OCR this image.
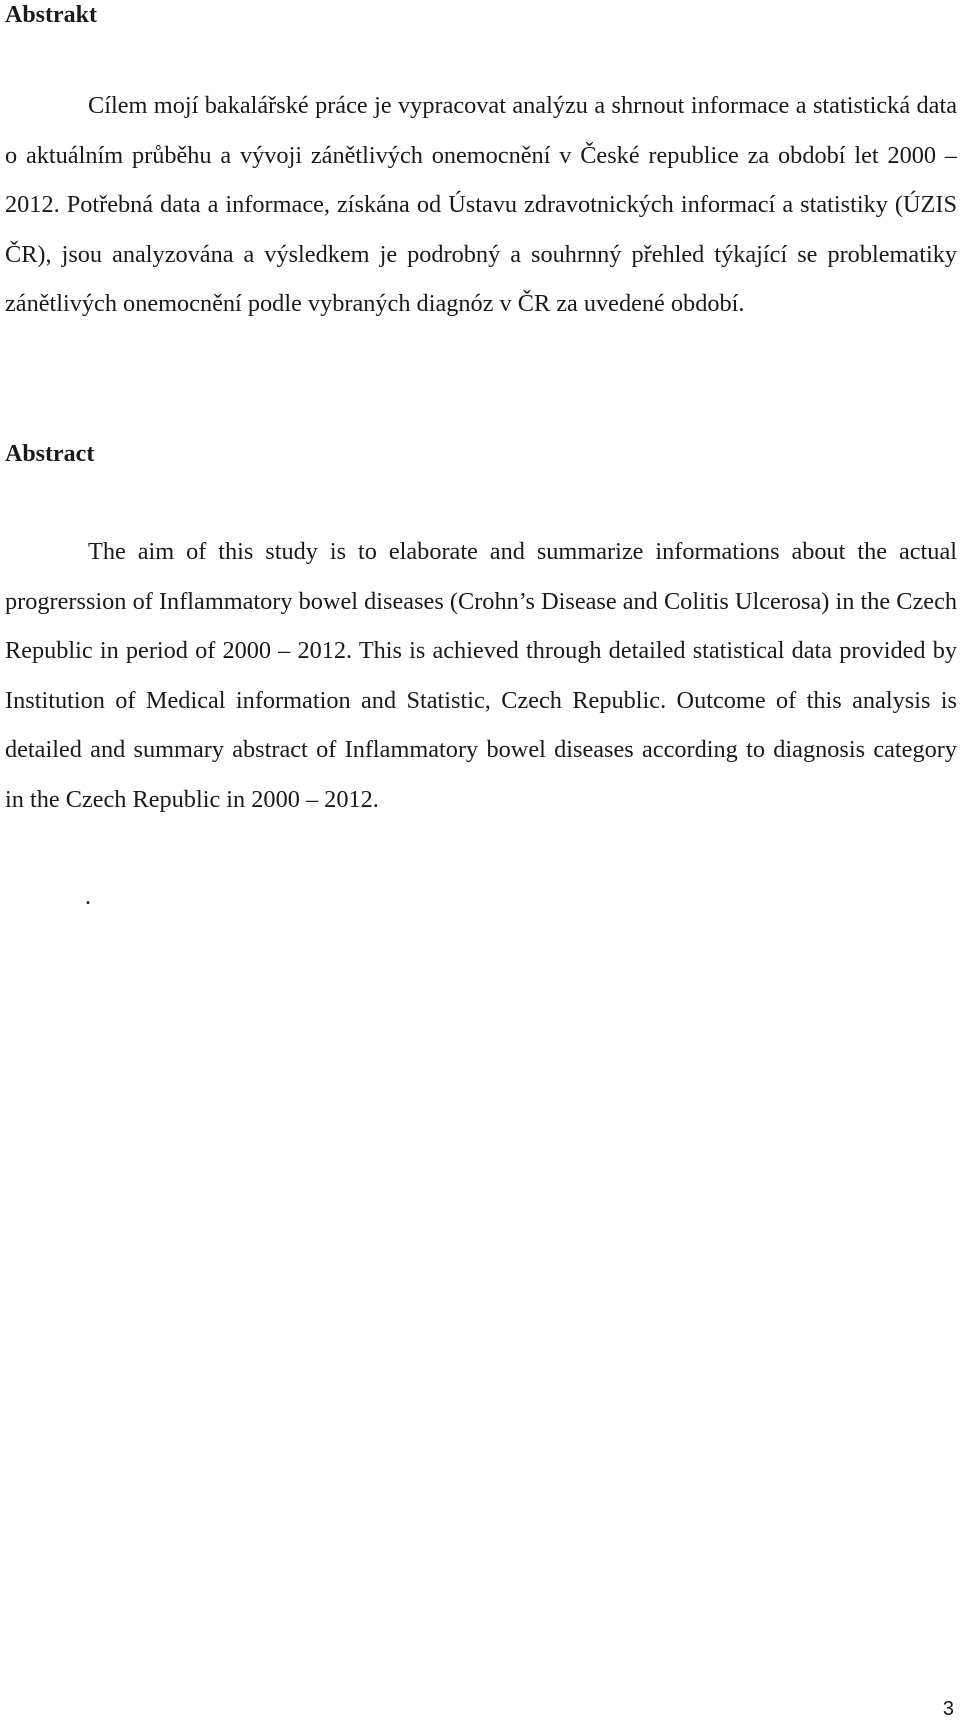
Abstrakt

Cílem mojí bakalářské práce je vypracovat analýzu a shrnout informace a statistická data o aktuálním průběhu a vývoji zánětlivých onemocnění v České republice za období let 2000 – 2012. Potřebná data a informace, získána od Ústavu zdravotnických informací a statistiky (ÚZIS ČR), jsou analyzována a výsledkem je podrobný a souhrnný přehled týkající se problematiky zánětlivých onemocnění podle vybraných diagnóz v ČR za uvedené období.

Abstract

The aim of this study is to elaborate and summarize informations about the actual progrerssion of Inflammatory bowel diseases (Crohn’s Disease and Colitis Ulcerosa) in the Czech Republic in period of 2000 – 2012. This is achieved through detailed statistical data provided by Institution of Medical information and Statistic, Czech Republic. Outcome of this analysis is detailed and summary abstract of Inflammatory bowel diseases according to diagnosis category in the Czech Republic in 2000 – 2012.

.
3
